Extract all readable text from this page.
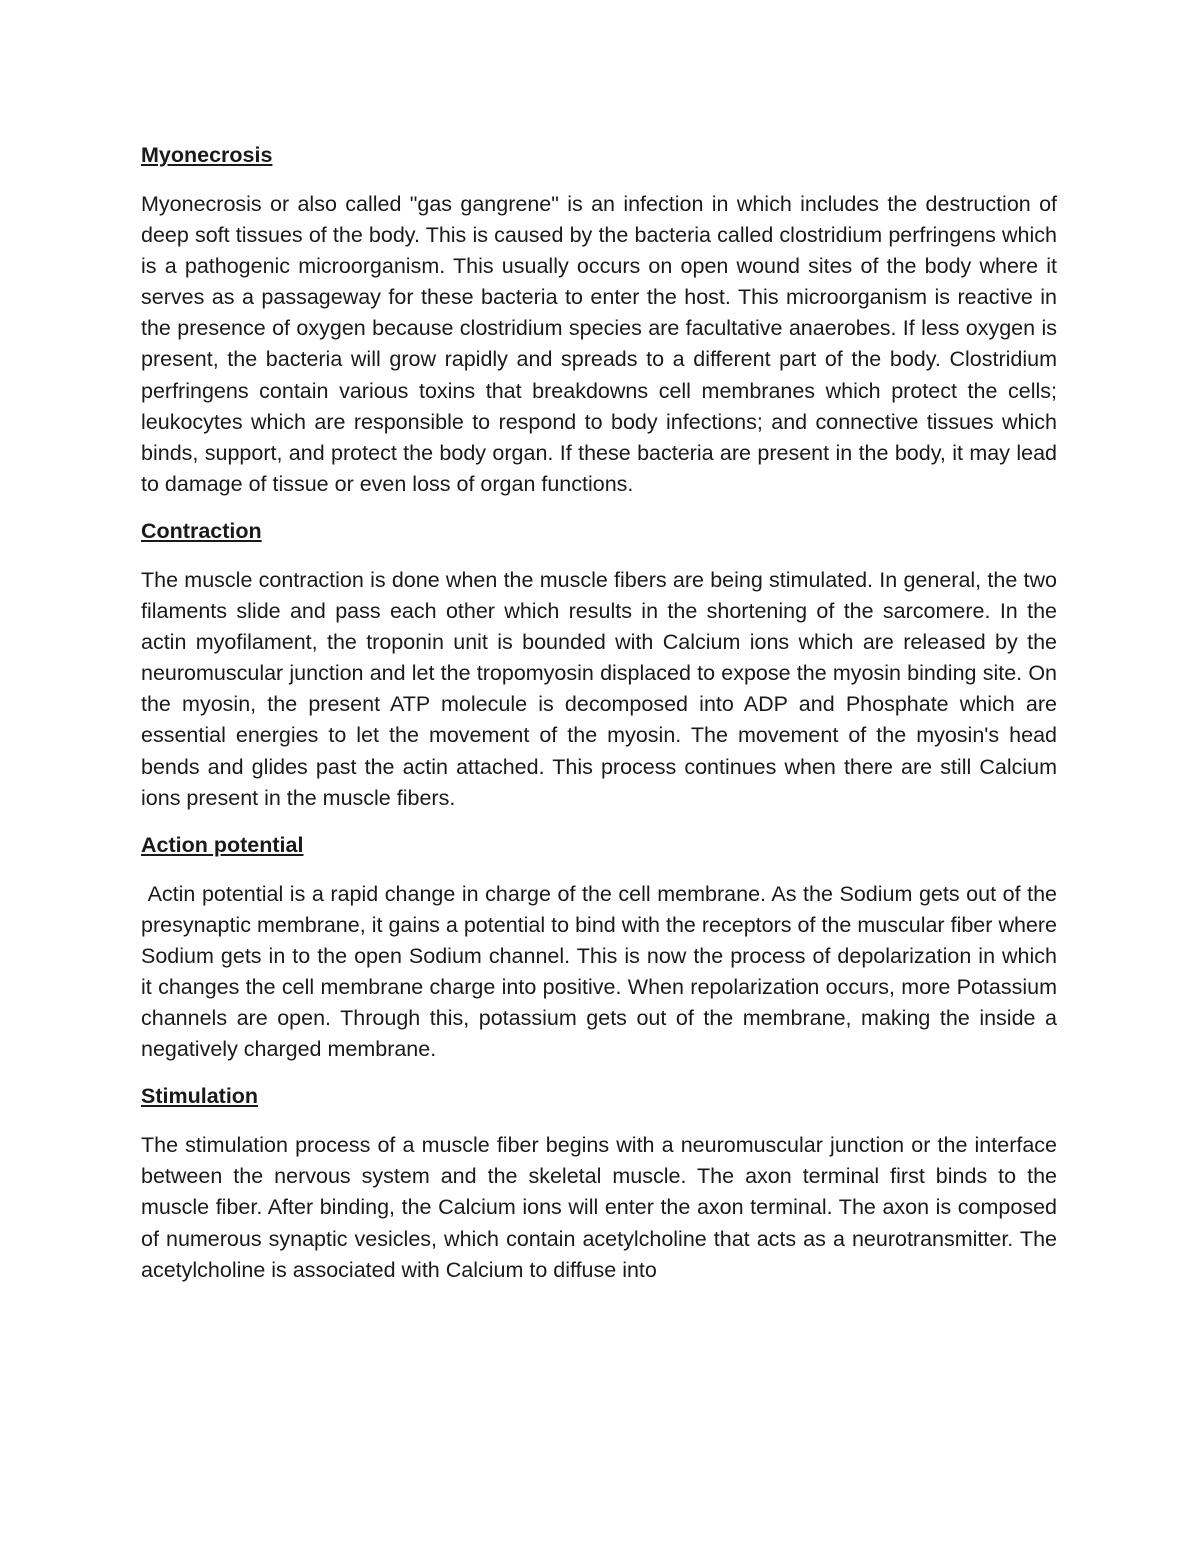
Myonecrosis

Myonecrosis or also called "gas gangrene" is an infection in which includes the destruction of deep soft tissues of the body. This is caused by the bacteria called clostridium perfringens which is a pathogenic microorganism. This usually occurs on open wound sites of the body where it serves as a passageway for these bacteria to enter the host. This microorganism is reactive in the presence of oxygen because clostridium species are facultative anaerobes. If less oxygen is present, the bacteria will grow rapidly and spreads to a different part of the body. Clostridium perfringens contain various toxins that breakdowns cell membranes which protect the cells; leukocytes which are responsible to respond to body infections; and connective tissues which binds, support, and protect the body organ. If these bacteria are present in the body, it may lead to damage of tissue or even loss of organ functions.

Contraction

The muscle contraction is done when the muscle fibers are being stimulated. In general, the two filaments slide and pass each other which results in the shortening of the sarcomere. In the actin myofilament, the troponin unit is bounded with Calcium ions which are released by the neuromuscular junction and let the tropomyosin displaced to expose the myosin binding site. On the myosin, the present ATP molecule is decomposed into ADP and Phosphate which are essential energies to let the movement of the myosin. The movement of the myosin's head bends and glides past the actin attached. This process continues when there are still Calcium ions present in the muscle fibers.

Action potential

Actin potential is a rapid change in charge of the cell membrane. As the Sodium gets out of the presynaptic membrane, it gains a potential to bind with the receptors of the muscular fiber where Sodium gets in to the open Sodium channel. This is now the process of depolarization in which it changes the cell membrane charge into positive. When repolarization occurs, more Potassium channels are open. Through this, potassium gets out of the membrane, making the inside a negatively charged membrane.

Stimulation

The stimulation process of a muscle fiber begins with a neuromuscular junction or the interface between the nervous system and the skeletal muscle. The axon terminal first binds to the muscle fiber. After binding, the Calcium ions will enter the axon terminal. The axon is composed of numerous synaptic vesicles, which contain acetylcholine that acts as a neurotransmitter. The acetylcholine is associated with Calcium to diffuse into
